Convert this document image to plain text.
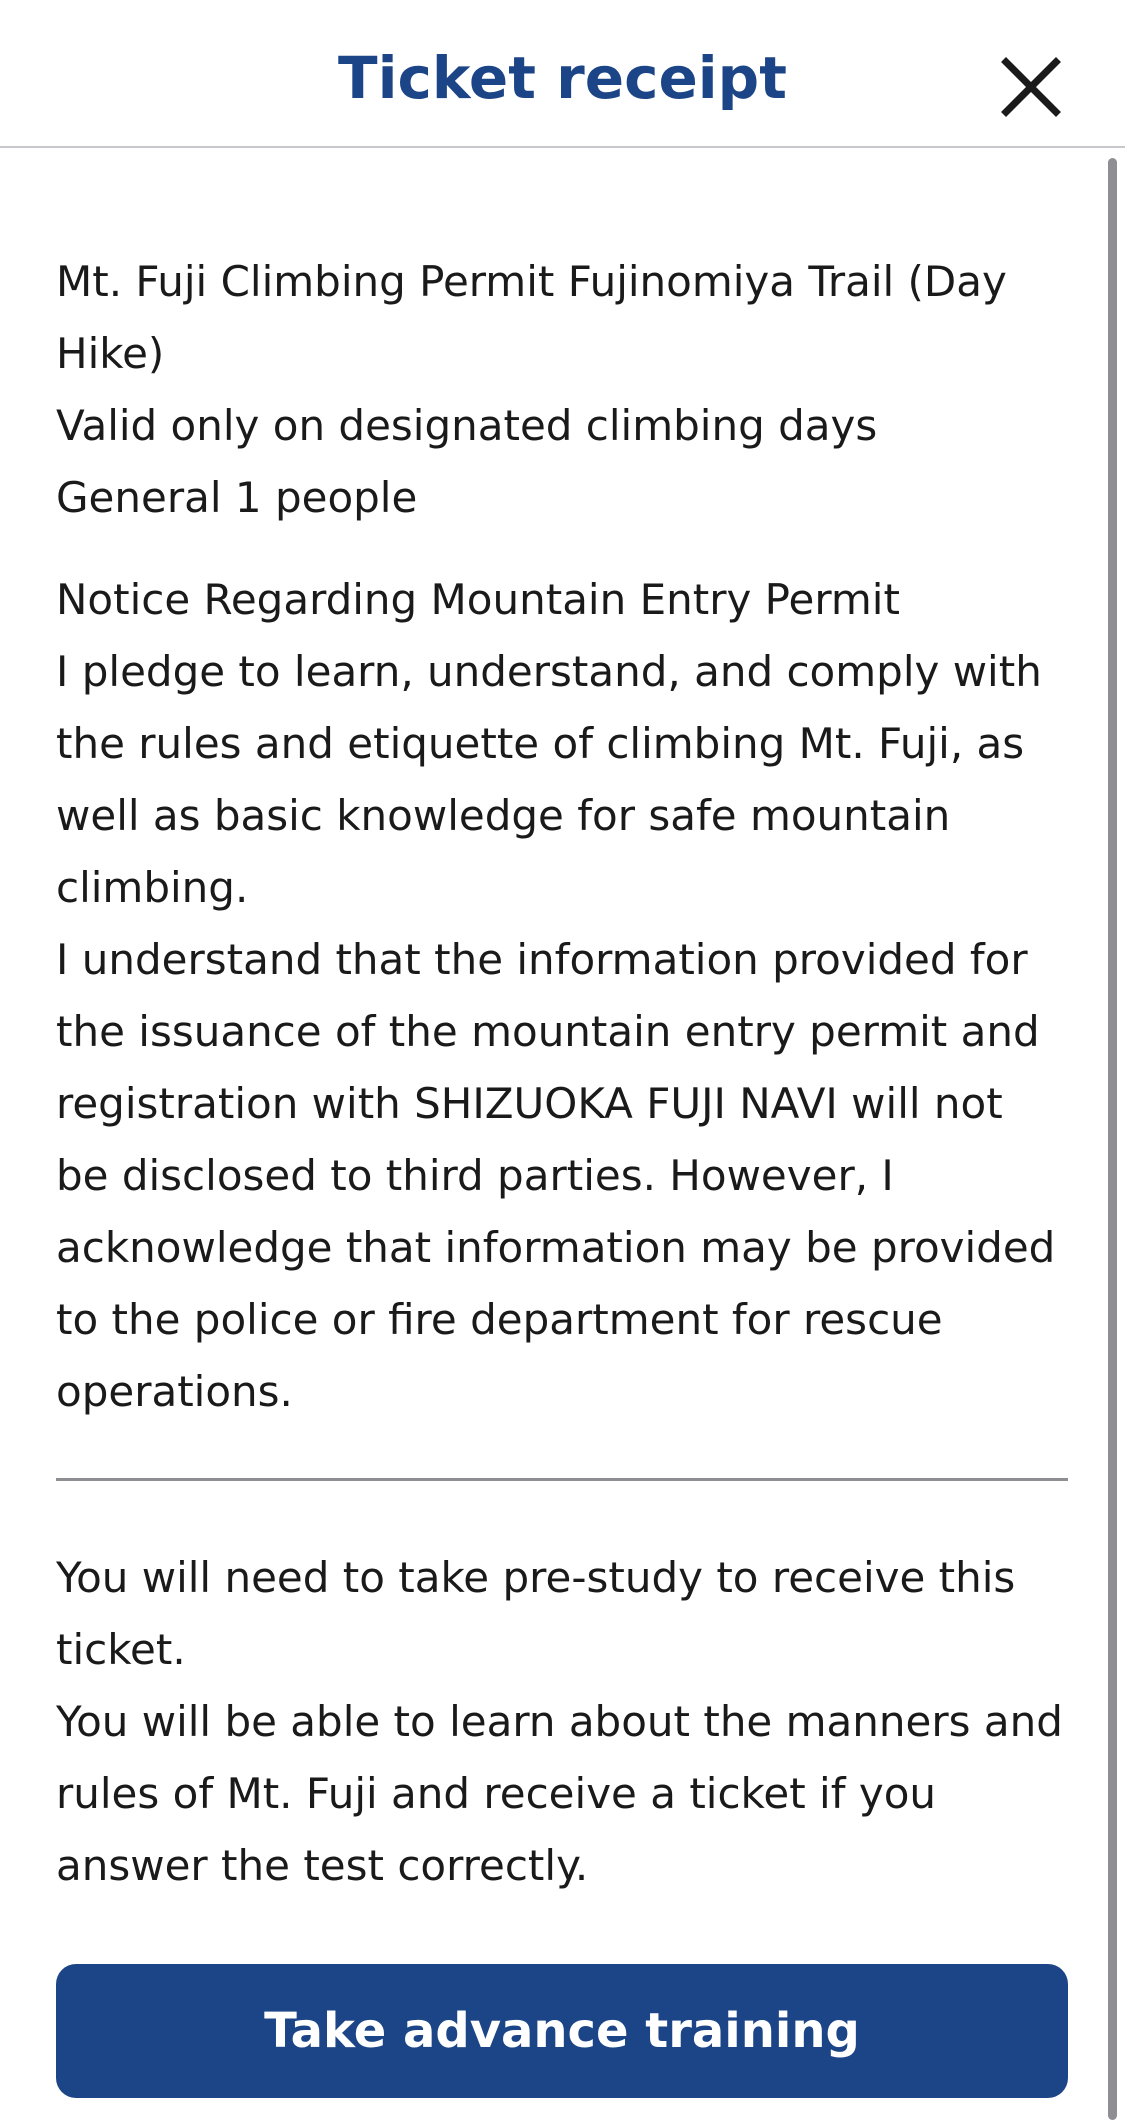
Ticket receipt

Mt. Fuji Climbing Permit Fujinomiya Trail (Day Hike)

Valid only on designated climbing days

General 1 people

Notice Regarding Mountain Entry Permit

I pledge to learn, understand, and comply with the rules and etiquette of climbing Mt. Fuji, as well as basic knowledge for safe mountain climbing.

I understand that the information provided for the issuance of the mountain entry permit and registration with SHIZUOKA FUJI NAVI will not be disclosed to third parties. However, I acknowledge that information may be provided to the police or fire department for rescue operations.

You will need to take pre-study to receive this ticket.

You will be able to learn about the manners and rules of Mt. Fuji and receive a ticket if you answer the test correctly.

Take advance training
